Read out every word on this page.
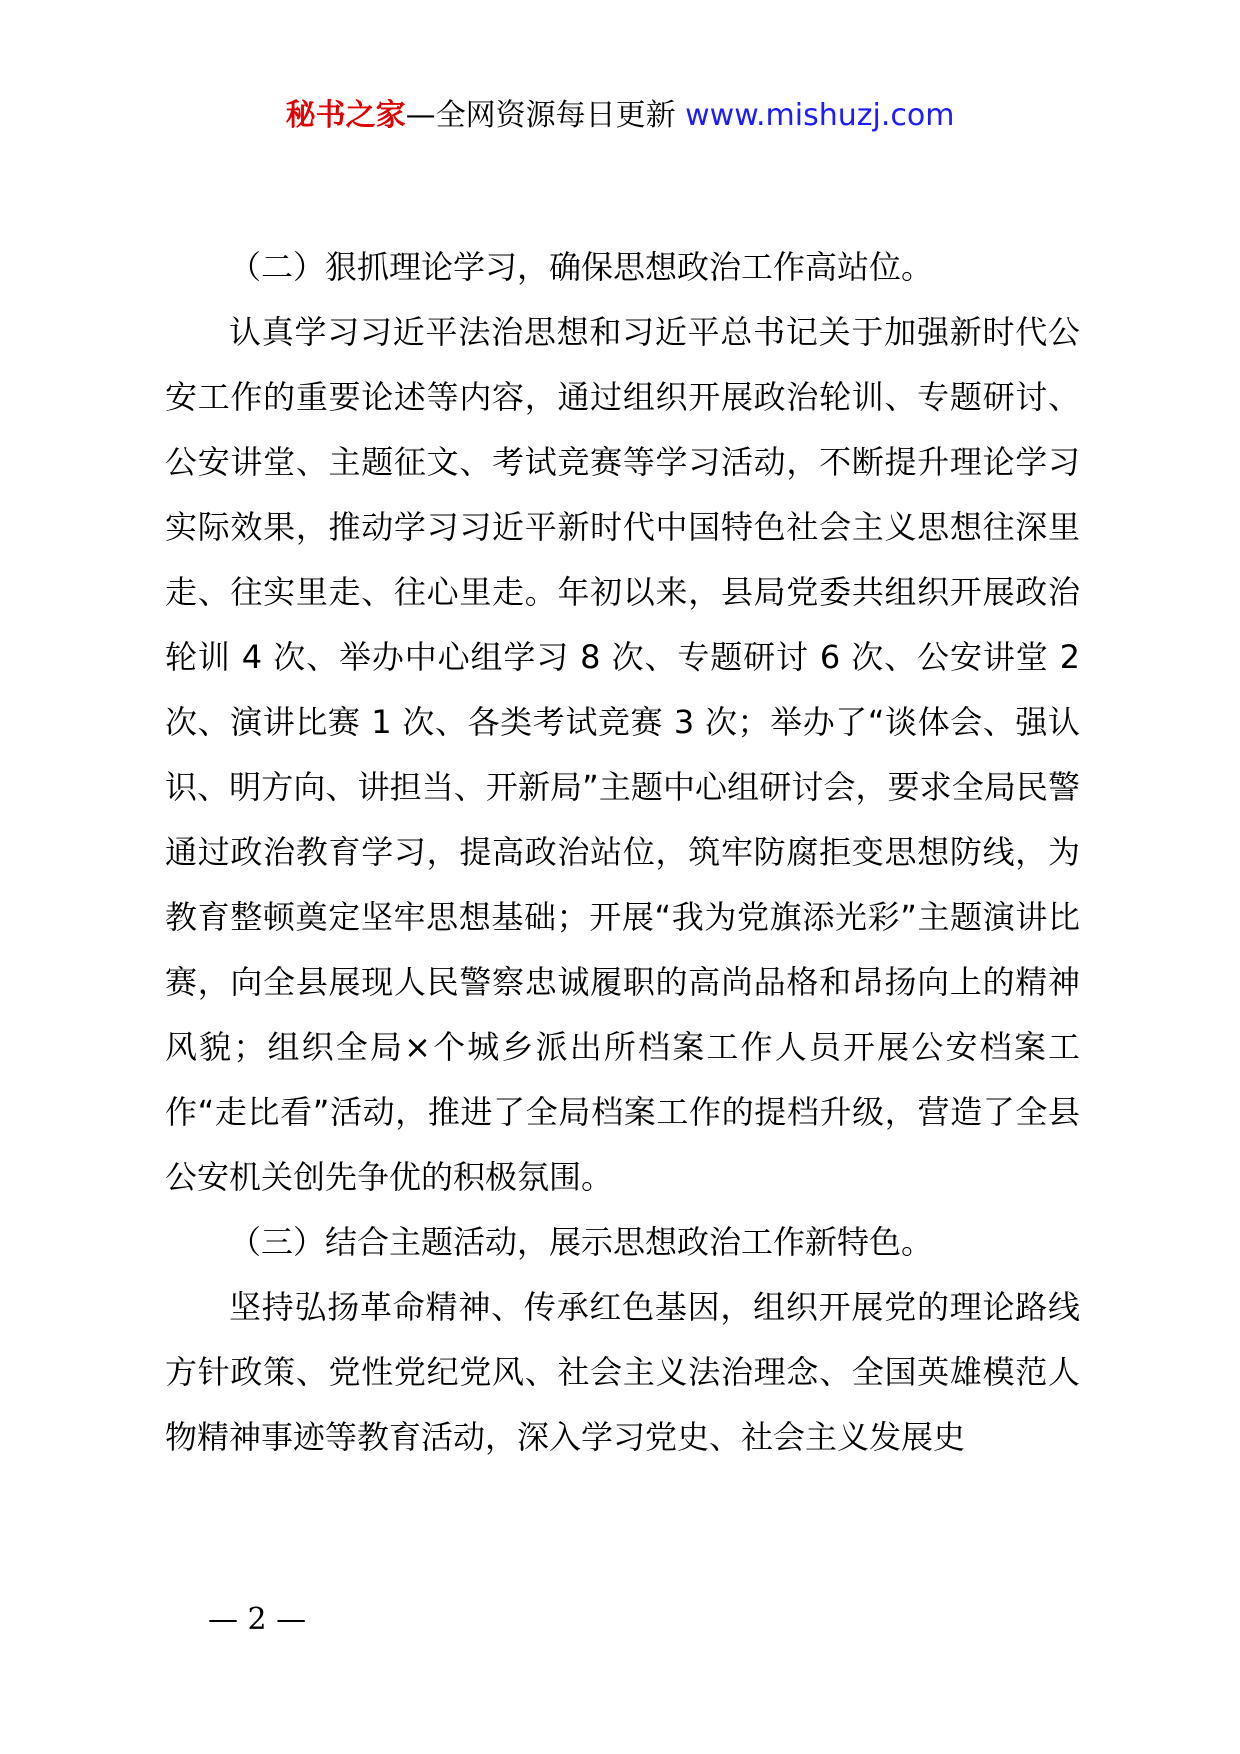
秘书之家—全网资源每日更新 www.mishuzj.com

（二）狠抓理论学习，确保思想政治工作高站位。

认真学习习近平法治思想和习近平总书记关于加强新时代公安工作的重要论述等内容，通过组织开展政治轮训、专题研讨、公安讲堂、主题征文、考试竞赛等学习活动，不断提升理论学习实际效果，推动学习习近平新时代中国特色社会主义思想往深里走、往实里走、往心里走。年初以来，县局党委共组织开展政治轮训 4 次、举办中心组学习 8 次、专题研讨 6 次、公安讲堂 2 次、演讲比赛 1 次、各类考试竞赛 3 次；举办了“谈体会、强认识、明方向、讲担当、开新局”主题中心组研讨会，要求全局民警通过政治教育学习，提高政治站位，筑牢防腐拒变思想防线，为教育整顿奠定坚牢思想基础；开展“我为党旗添光彩”主题演讲比赛，向全县展现人民警察忠诚履职的高尚品格和昂扬向上的精神风貌；组织全局×个城乡派出所档案工作人员开展公安档案工作“走比看”活动，推进了全局档案工作的提档升级，营造了全县公安机关创先争优的积极氛围。

（三）结合主题活动，展示思想政治工作新特色。

坚持弘扬革命精神、传承红色基因，组织开展党的理论路线方针政策、党性党纪党风、社会主义法治理念、全国英雄模范人物精神事迹等教育活动，深入学习党史、社会主义发展史

— 2 —
